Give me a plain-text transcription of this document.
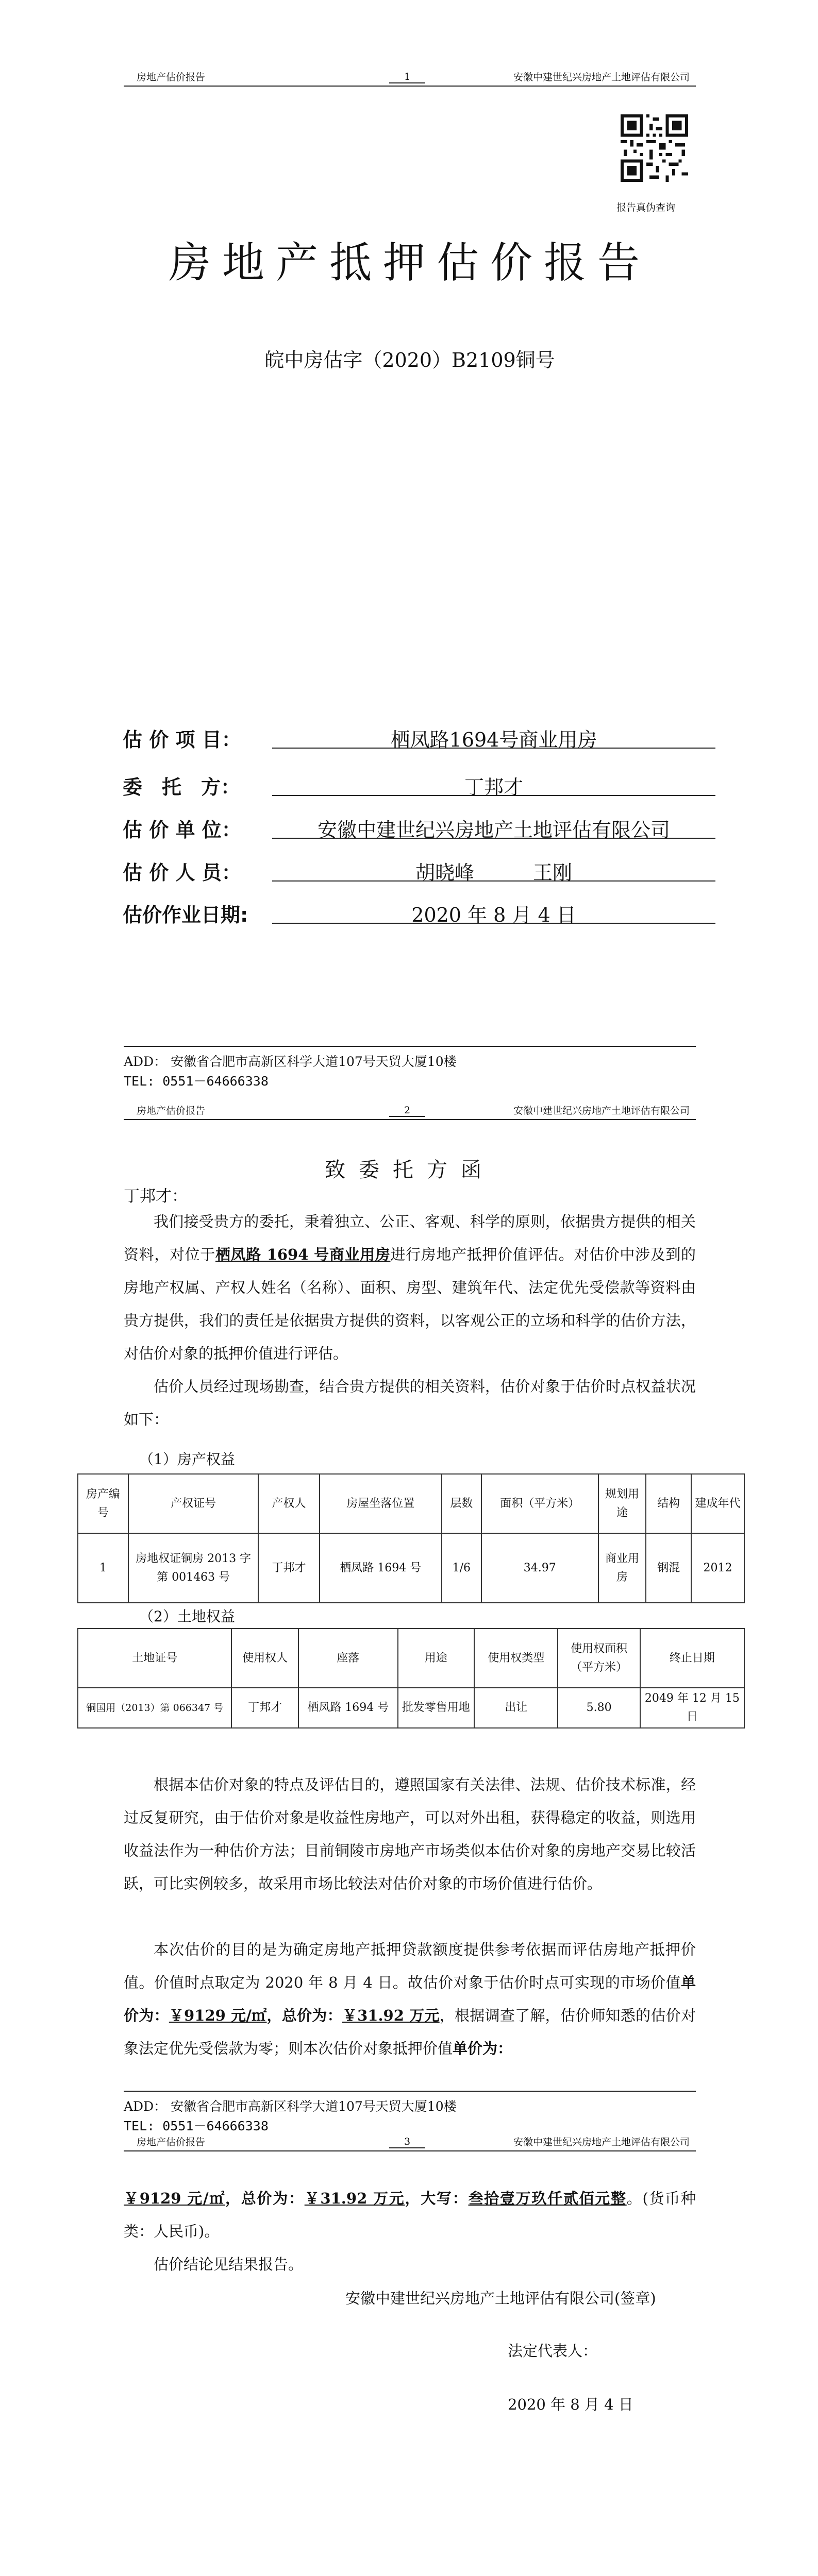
房地产估价报告	1	安徽中建世纪兴房地产土地评估有限公司
报告真伪查询
房地产抵押估价报告
皖中房估字（2020）B2109铜号
估 价 项 目：	栖凤路1694号商业用房
委　托　方：	丁邦才
估 价 单 位：	安徽中建世纪兴房地产土地评估有限公司
估 价 人 员：	胡晓峰　　　王刚
估价作业日期:	2020 年 8 月 4 日
ADD： 安徽省合肥市高新区科学大道107号天贸大厦10楼
TEL: 0551－64666338
房地产估价报告	2	安徽中建世纪兴房地产土地评估有限公司
致委托方函
丁邦才：
我们接受贵方的委托，秉着独立、公正、客观、科学的原则，依据贵方提供的相关资料，对位于栖凤路 1694 号商业用房进行房地产抵押价值评估。对估价中涉及到的房地产权属、产权人姓名（名称）、面积、房型、建筑年代、法定优先受偿款等资料由贵方提供，我们的责任是依据贵方提供的资料，以客观公正的立场和科学的估价方法，对估价对象的抵押价值进行评估。
估价人员经过现场勘查，结合贵方提供的相关资料，估价对象于估价时点权益状况如下：
（1）房产权益
房产编号	产权证号	产权人	房屋坐落位置	层数	面积（平方米）	规划用途	结构	建成年代
1	房地权证铜房 2013 字第 001463 号	丁邦才	栖凤路 1694 号	1/6	34.97	商业用房	钢混	2012
（2）土地权益
土地证号	使用权人	座落	用途	使用权类型	使用权面积（平方米）	终止日期
铜国用（2013）第 066347 号	丁邦才	栖凤路 1694 号	批发零售用地	出让	5.80	2049 年 12 月 15 日
根据本估价对象的特点及评估目的，遵照国家有关法律、法规、估价技术标准，经过反复研究，由于估价对象是收益性房地产，可以对外出租，获得稳定的收益，则选用收益法作为一种估价方法；目前铜陵市房地产市场类似本估价对象的房地产交易比较活跃，可比实例较多，故采用市场比较法对估价对象的市场价值进行估价。
本次估价的目的是为确定房地产抵押贷款额度提供参考依据而评估房地产抵押价值。价值时点取定为 2020 年 8 月 4 日。故估价对象于估价时点可实现的市场价值单价为：￥9129 元/㎡，总价为：￥31.92 万元，根据调查了解，估价师知悉的估价对象法定优先受偿款为零；则本次估价对象抵押价值单价为：
ADD： 安徽省合肥市高新区科学大道107号天贸大厦10楼
TEL: 0551－64666338
房地产估价报告	3	安徽中建世纪兴房地产土地评估有限公司
￥9129 元/㎡，总价为：￥31.92 万元，大写：叁拾壹万玖仟贰佰元整。(货币种类：人民币)。
估价结论见结果报告。
安徽中建世纪兴房地产土地评估有限公司(签章)
法定代表人：
2020 年 8 月 4 日
